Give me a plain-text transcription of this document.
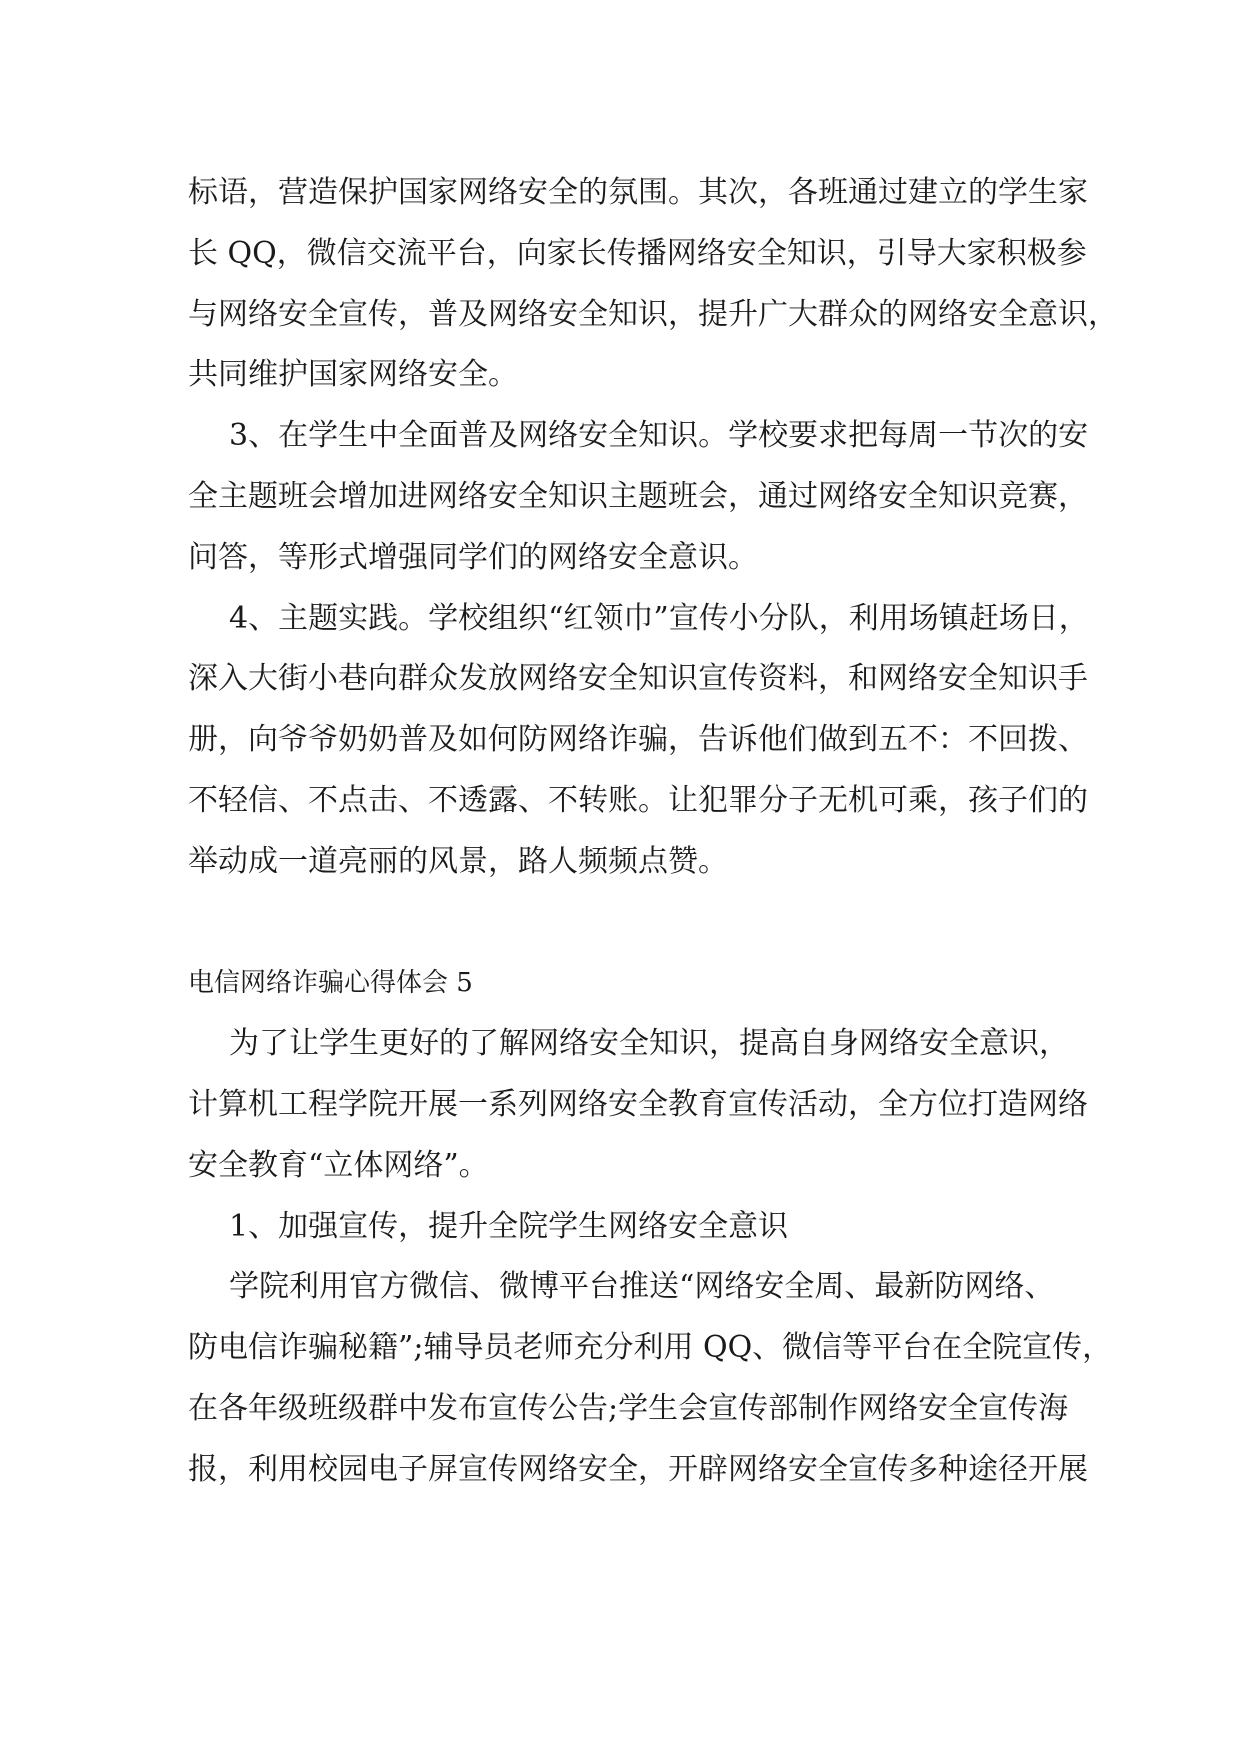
标语，营造保护国家网络安全的氛围。其次，各班通过建立的学生家
长 QQ，微信交流平台，向家长传播网络安全知识，引导大家积极参
与网络安全宣传，普及网络安全知识，提升广大群众的网络安全意识，
共同维护国家网络安全。
3、在学生中全面普及网络安全知识。学校要求把每周一节次的安
全主题班会增加进网络安全知识主题班会，通过网络安全知识竞赛，
问答，等形式增强同学们的网络安全意识。
4、主题实践。学校组织“红领巾”宣传小分队，利用场镇赶场日，
深入大街小巷向群众发放网络安全知识宣传资料，和网络安全知识手
册，向爷爷奶奶普及如何防网络诈骗，告诉他们做到五不：不回拨、
不轻信、不点击、不透露、不转账。让犯罪分子无机可乘，孩子们的
举动成一道亮丽的风景，路人频频点赞。
电信网络诈骗心得体会 5
为了让学生更好的了解网络安全知识，提高自身网络安全意识，
计算机工程学院开展一系列网络安全教育宣传活动，全方位打造网络
安全教育“立体网络”。
1、加强宣传，提升全院学生网络安全意识
学院利用官方微信、微博平台推送“网络安全周、最新防网络、
防电信诈骗秘籍”;辅导员老师充分利用 QQ、微信等平台在全院宣传，
在各年级班级群中发布宣传公告;学生会宣传部制作网络安全宣传海
报，利用校园电子屏宣传网络安全，开辟网络安全宣传多种途径开展
